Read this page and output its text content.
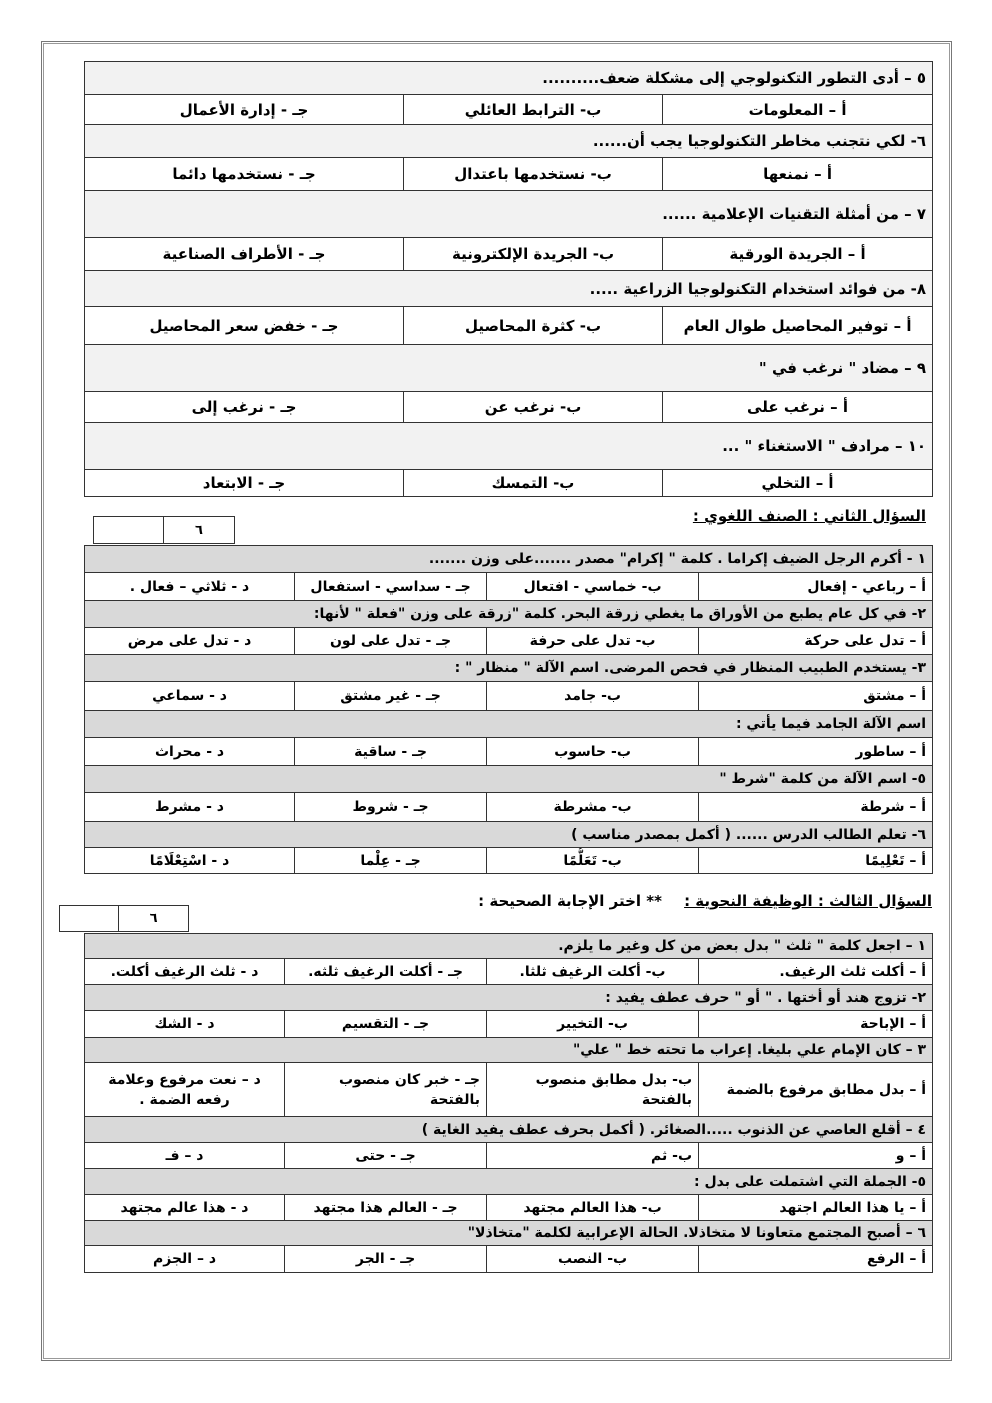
٥ – أدى التطور التكنولوجي إلى مشكلة ضعف..........		
أ – المعلومات	ب- الترابط العائلي	جـ - إدارة الأعمال
٦- لكي نتجنب مخاطر التكنولوجيا يجب أن......		
أ – نمنعها	ب- نستخدمها باعتدال	جـ - نستخدمها دائما
٧ – من أمثلة التقنيات الإعلامية ......		
أ – الجريدة الورقية	ب- الجريدة الإلكترونية	جـ - الأطراف الصناعية
٨- من فوائد استخدام التكنولوجيا الزراعية .....		
أ – توفير المحاصيل طوال العام	ب- كثرة المحاصيل	جـ - خفض سعر المحاصيل
٩ – مضاد " نرغب في "		
أ – نرغب على	ب- نرغب عن	جـ - نرغب إلى
١٠ – مرادف " الاستغناء " ...		
أ – التخلي	ب- التمسك	جـ - الابتعاد
السؤال الثاني : الصنف اللغوي :
٦
١ - أكرم الرجل الضيف إكراما . كلمة " إكرام" مصدر .......على وزن .......			
أ – رباعي - إفعال	ب- خماسي - افتعال	جـ - سداسي - استفعال	د - ثلاثي – فعال .
٢- في كل عام يطبع من الأوراق ما يغطي زرقة البحر. كلمة "زرقة على وزن "فعلة " لأنها:			
أ – تدل على حركة	ب- تدل على حرفة	جـ - تدل على لون	د - تدل على مرض
٣- يستخدم الطبيب المنظار في فحص المرضى. اسم الآلة " منظار " :			
أ – مشتق	ب- جامد	جـ - غير مشتق	د - سماعي
اسم الآلة الجامد فيما يأتي :			
أ – ساطور	ب- حاسوب	جـ - ساقية	د - محراث
٥- اسم الآلة من كلمة "شرط "			
أ – شرطة	ب- مشرطة	جـ - شروط	د - مشرط
٦- تعلم الطالب الدرس ...... ( أكمل بمصدر مناسب )			
أ – تَعْلِيمًا	ب- تَعَلُّمًا	جـ - عِلْما	د - اسْتِعْلَامًا
السؤال الثالث : الوظيفة النحوية :
** اختر الإجابة الصحيحة :
٦
١ – اجعل كلمة " ثلث " بدل بعض من كل وغير ما يلزم.			
أ – أكلت ثلث الرغيف.	ب- أكلت الرغيف ثلثا.	جـ - أكلت الرغيف ثلثه.	د - ثلث الرغيف أكلت.
٢- تزوج هند أو أختها . " أو " حرف عطف يفيد :			
أ – الإباحة	ب- التخيير	جـ - التقسيم	د - الشك
٣ – كان الإمام علي بليغا. إعراب ما تحته خط " علي"			
أ – بدل مطابق مرفوع بالضمة	ب- بدل مطابق منصوب بالفتحة	جـ - خبر كان منصوب بالفتحة	د – نعت مرفوع وعلامة رفعه الضمة .
٤ – أقلع العاصي عن الذنوب .....الصغائر. ( أكمل بحرف عطف يفيد الغاية )			
أ – و	ب- ثم	جـ - حتى	د – فـ
٥- الجملة التي اشتملت على بدل :			
أ – يا هذا العالم اجتهد	ب- هذا العالم مجتهد	جـ - العالم هذا مجتهد	د - هذا عالم مجتهد
٦ – أصبح المجتمع متعاونا لا متخاذلا. الحالة الإعرابية لكلمة "متخاذلا"			
أ – الرفع	ب- النصب	جـ - الجر	د – الجزم
